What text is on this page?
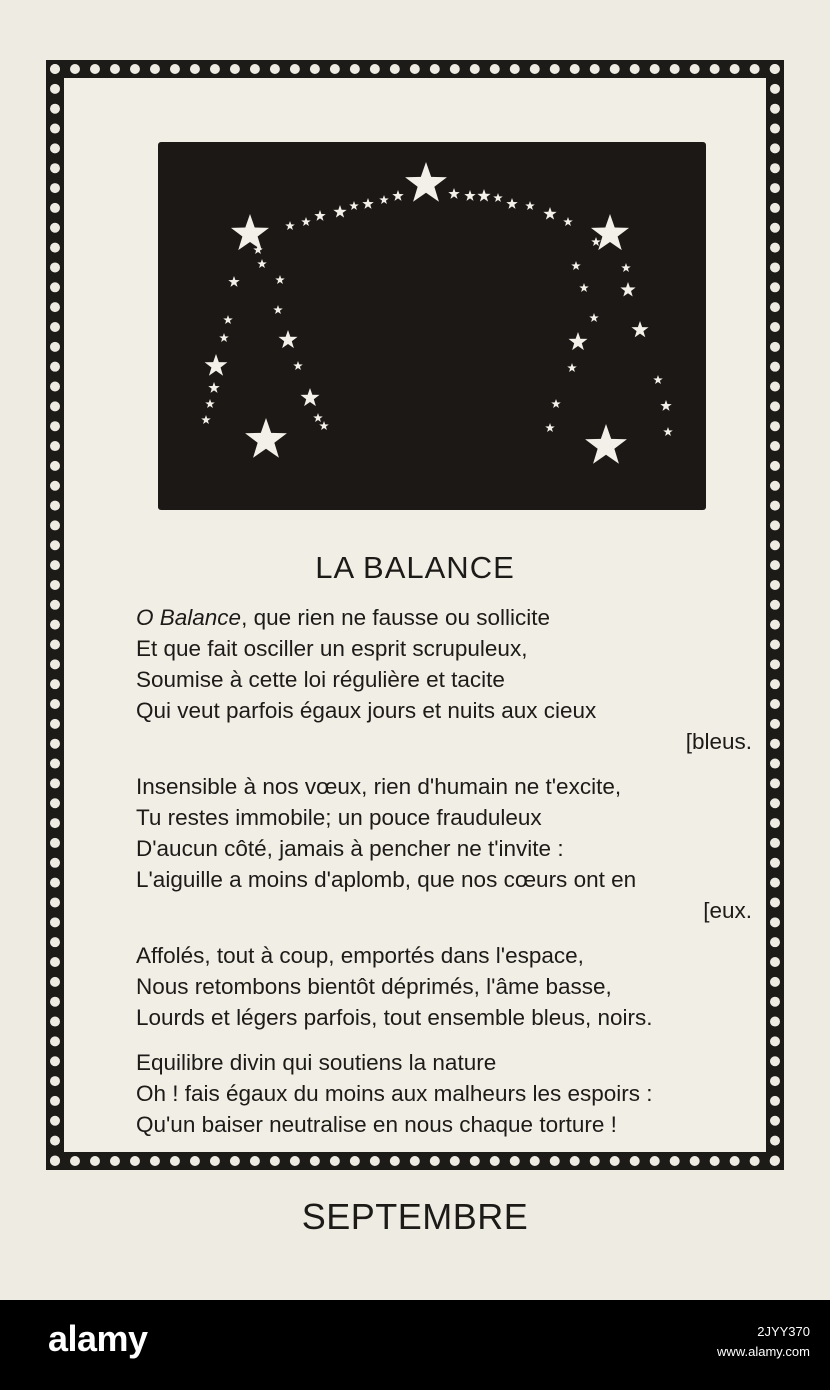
LA BALANCE
O Balance, que rien ne fausse ou sollicite
Et que fait osciller un esprit scrupuleux,
Soumise à cette loi régulière et tacite
Qui veut parfois égaux jours et nuits aux cieux
[bleus.
Insensible à nos vœux, rien d'humain ne t'excite,
Tu restes immobile; un pouce frauduleux
D'aucun côté, jamais à pencher ne t'invite :
L'aiguille a moins d'aplomb, que nos cœurs ont en
[eux.
Affolés, tout à coup, emportés dans l'espace,
Nous retombons bientôt déprimés, l'âme basse,
Lourds et légers parfois, tout ensemble bleus, noirs.
Equilibre divin qui soutiens la nature
Oh ! fais égaux du moins aux malheurs les espoirs :
Qu'un baiser neutralise en nous chaque torture !
SEPTEMBRE
alamy	2JYY370
www.alamy.com
